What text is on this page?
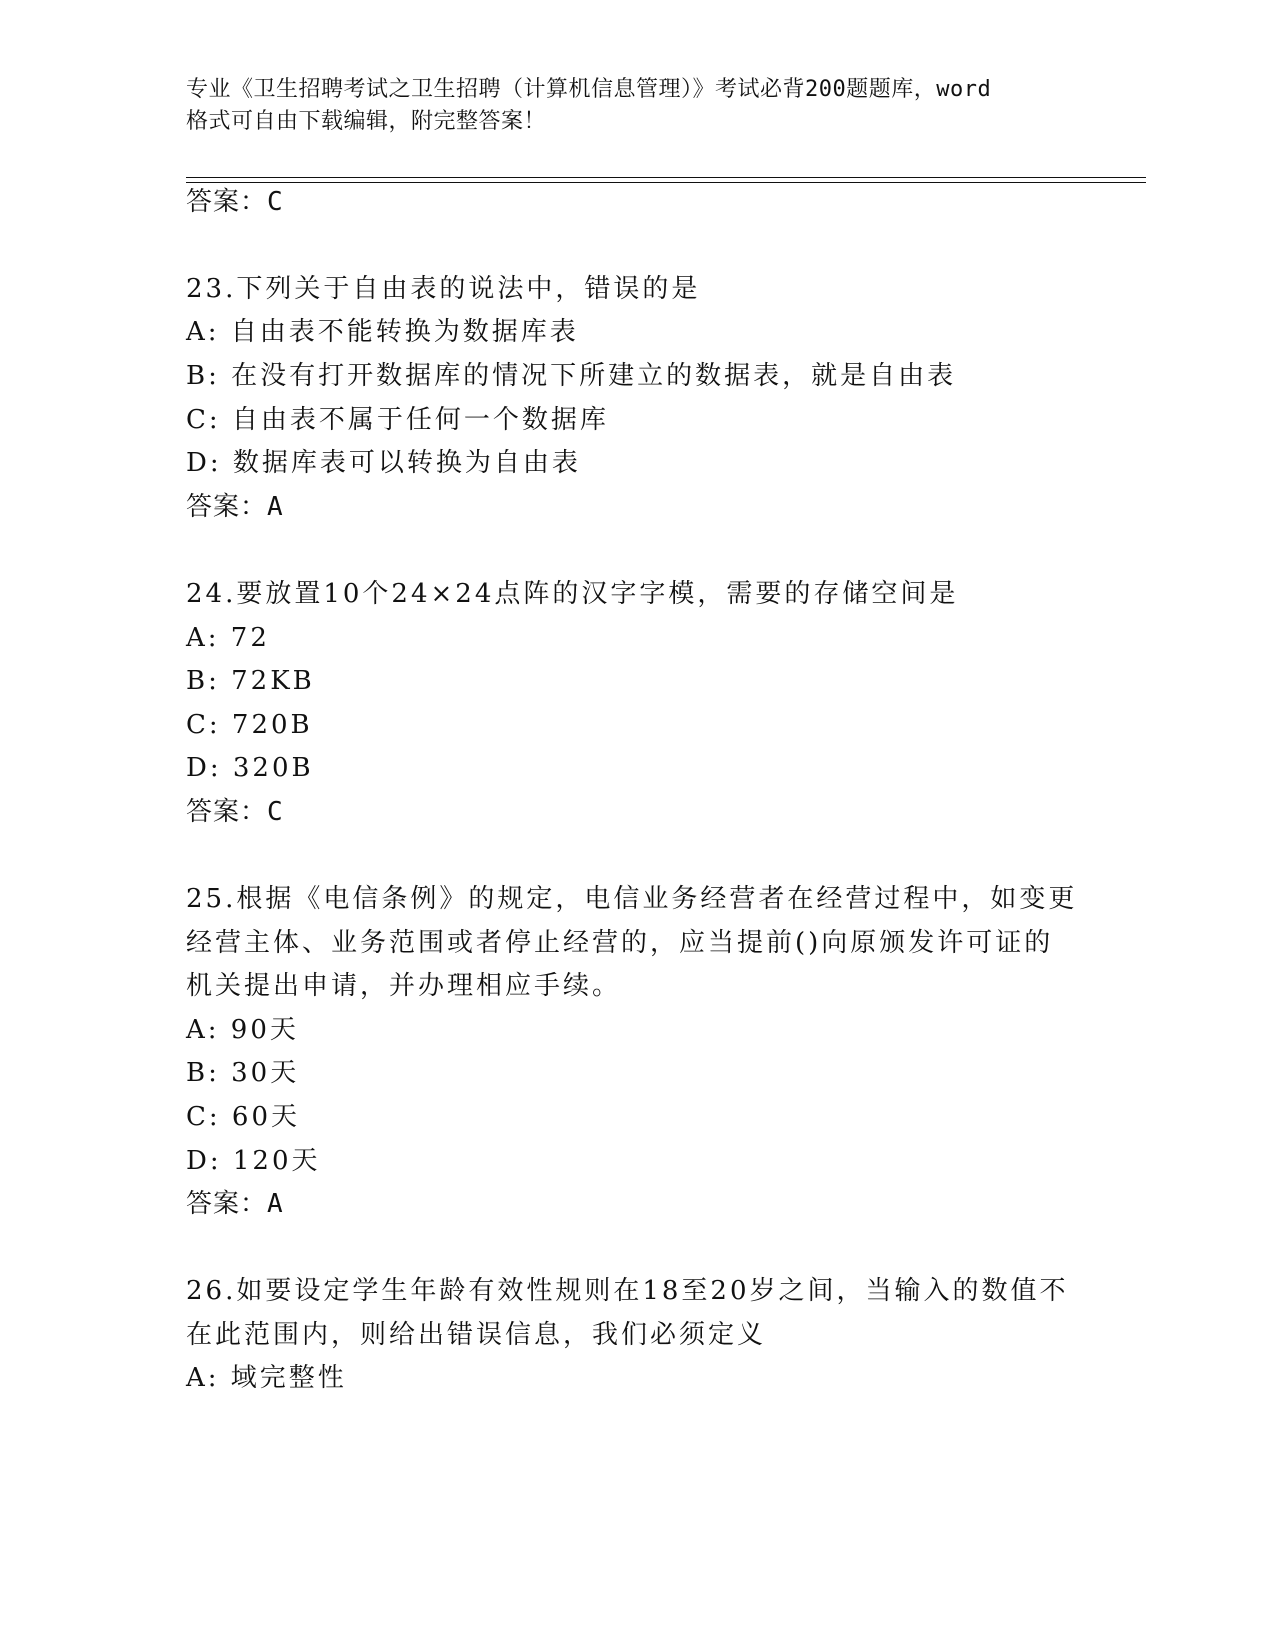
专业《卫生招聘考试之卫生招聘（计算机信息管理）》考试必背200题题库，word
格式可自由下载编辑，附完整答案！
答案：C
23.下列关于自由表的说法中，错误的是
A: 自由表不能转换为数据库表
B: 在没有打开数据库的情况下所建立的数据表，就是自由表
C: 自由表不属于任何一个数据库
D: 数据库表可以转换为自由表
答案：A
24.要放置10个24×24点阵的汉字字模，需要的存储空间是
A: 72
B: 72KB
C: 720B
D: 320B
答案：C
25.根据《电信条例》的规定，电信业务经营者在经营过程中，如变更
经营主体、业务范围或者停止经营的，应当提前()向原颁发许可证的
机关提出申请，并办理相应手续。
A: 90天
B: 30天
C: 60天
D: 120天
答案：A
26.如要设定学生年龄有效性规则在18至20岁之间，当输入的数值不
在此范围内，则给出错误信息，我们必须定义
A: 域完整性
